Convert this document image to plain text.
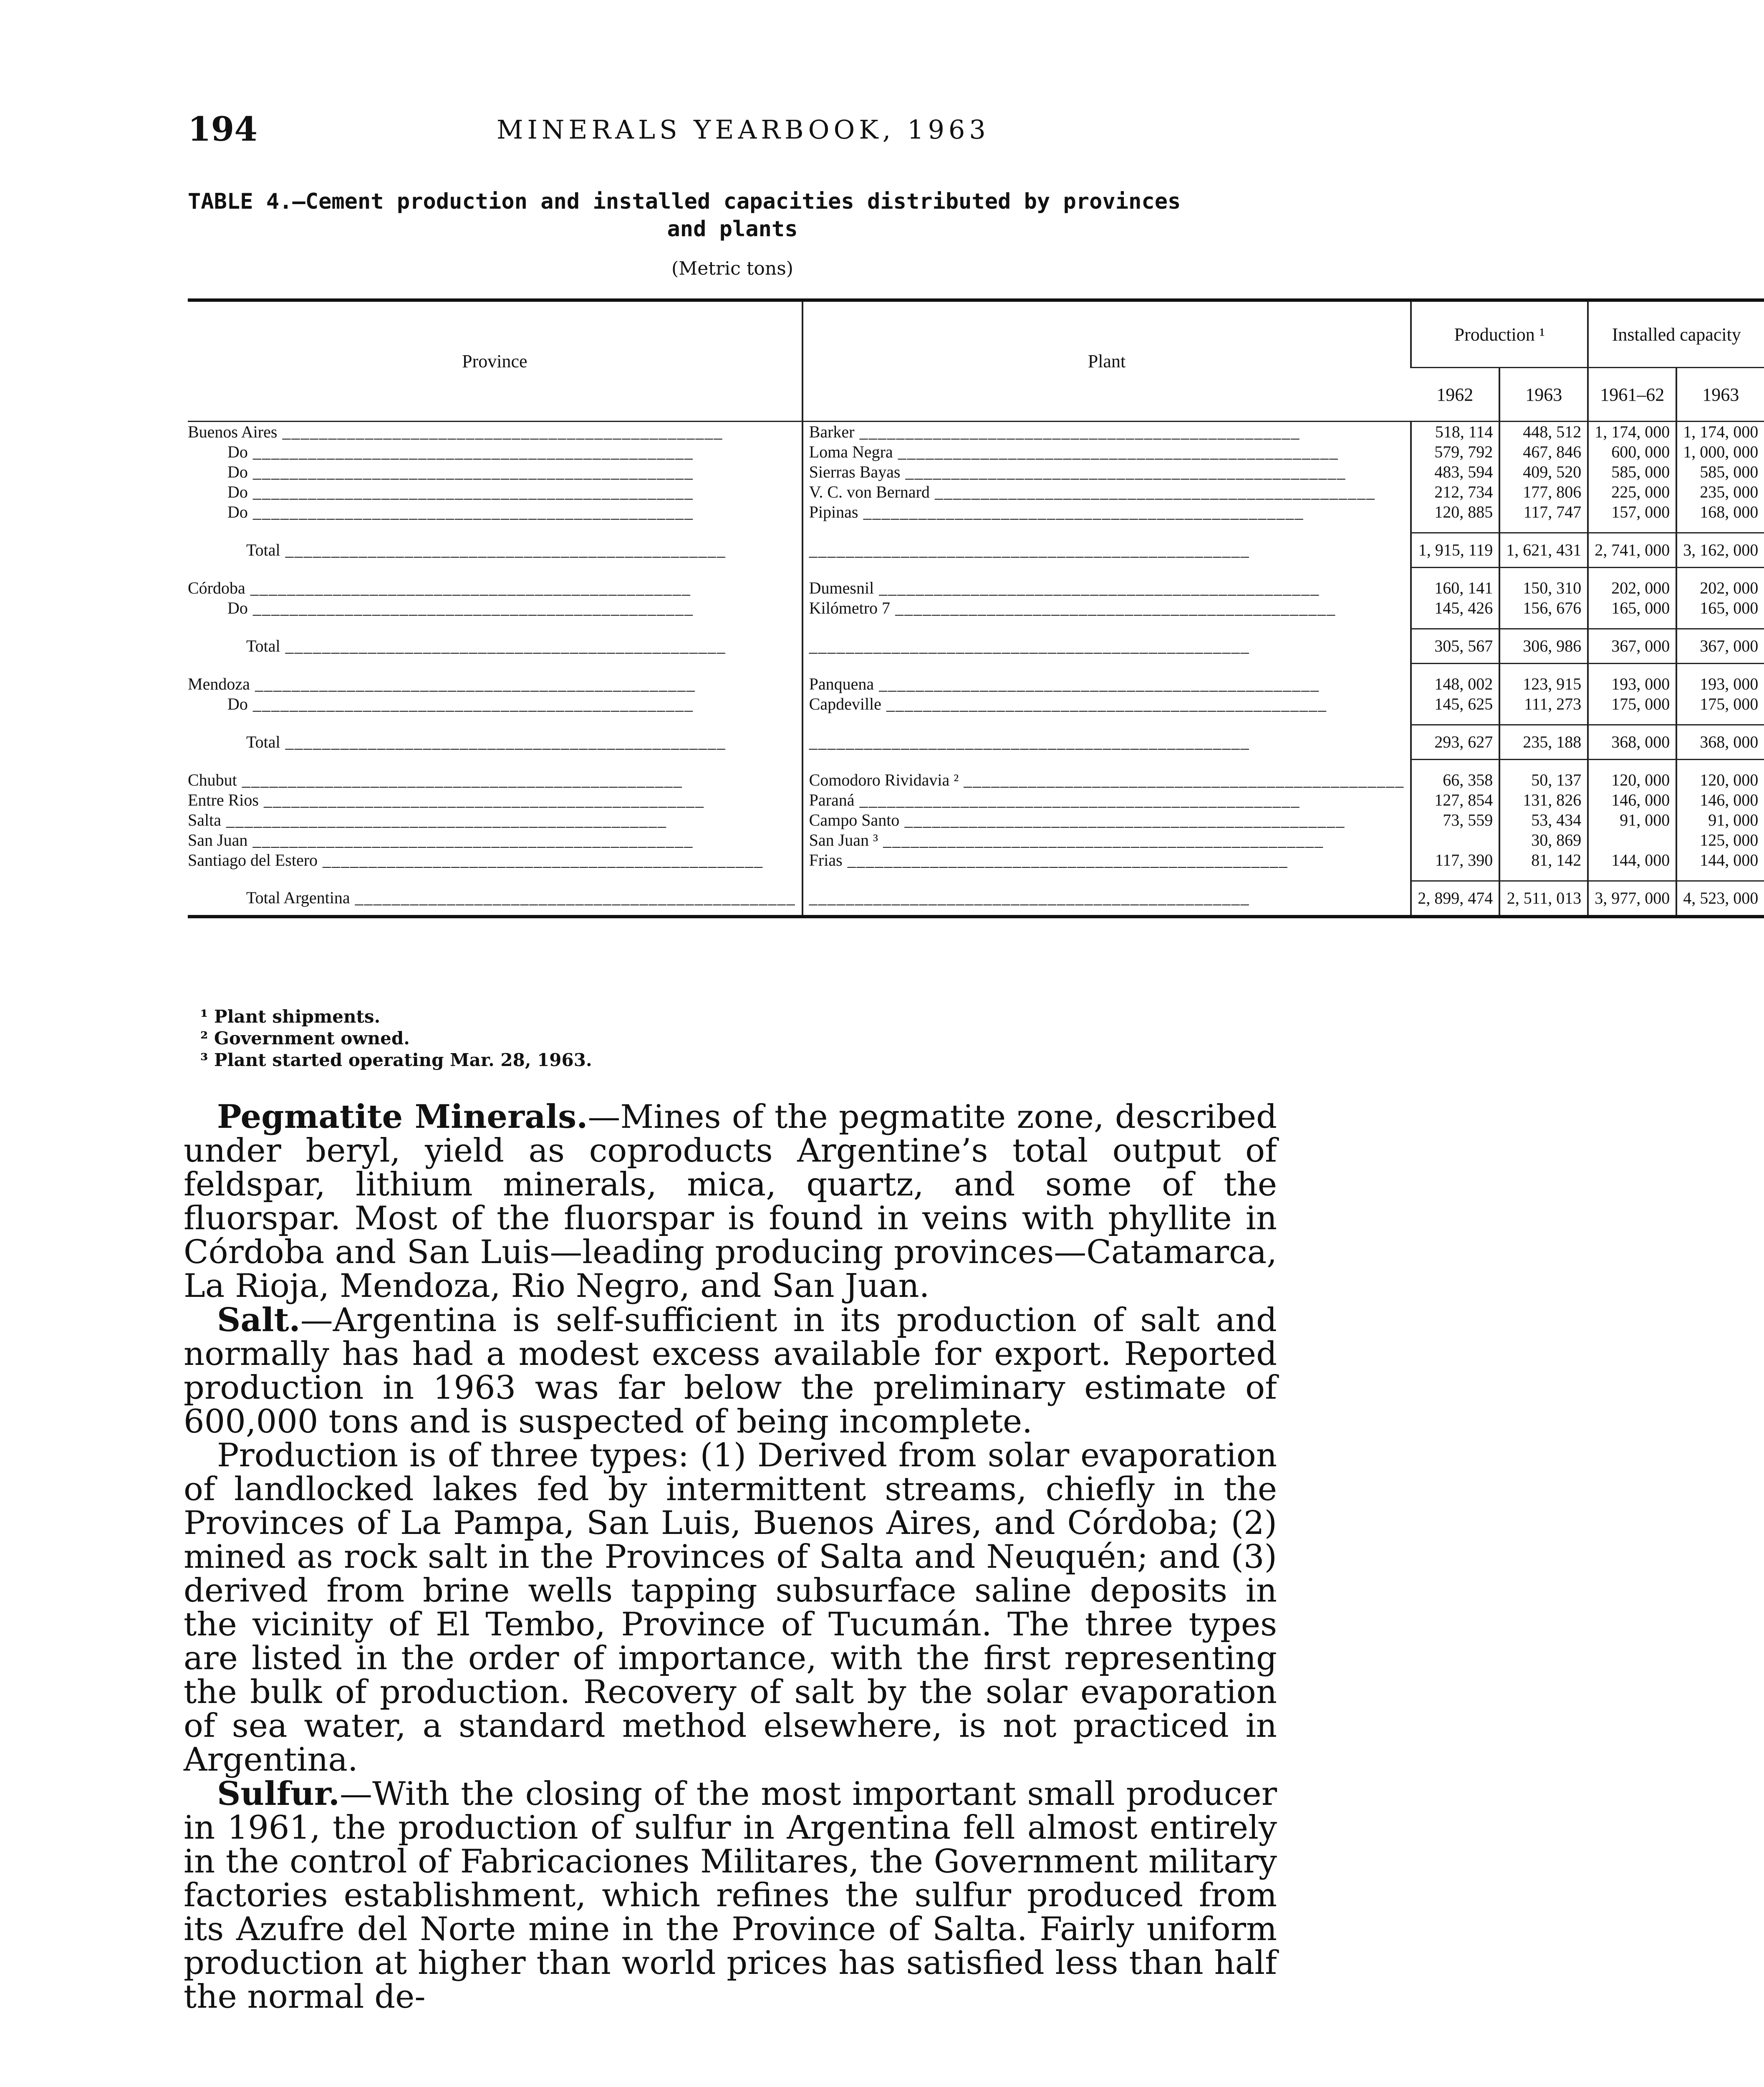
194	MINERALS YEARBOOK, 1963
TABLE 4.—Cement production and installed capacities distributed by provinces
and plants
(Metric tons)
Province	Plant	Production ¹		Installed capacity	
		1962	1963	1961–62	1963
Buenos Aires _____	Barker _____	518, 114	448, 512	1, 174, 000	1, 174, 000
Do _____	Loma Negra _____	579, 792	467, 846	600, 000	1, 000, 000
Do _____	Sierras Bayas _____	483, 594	409, 520	585, 000	585, 000
Do _____	V. C. von Bernard _____	212, 734	177, 806	225, 000	235, 000
Do _____	Pipinas _____	120, 885	117, 747	157, 000	168, 000

Total _____	_____	1, 915, 119	1, 621, 431	2, 741, 000	3, 162, 000

Córdoba _____	Dumesnil _____	160, 141	150, 310	202, 000	202, 000
Do _____	Kilómetro 7 _____	145, 426	156, 676	165, 000	165, 000

Total _____	_____	305, 567	306, 986	367, 000	367, 000

Mendoza _____	Panquena _____	148, 002	123, 915	193, 000	193, 000
Do _____	Capdeville _____	145, 625	111, 273	175, 000	175, 000

Total _____	_____	293, 627	235, 188	368, 000	368, 000

Chubut _____	Comodoro Rividavia ² _____	66, 358	50, 137	120, 000	120, 000
Entre Rios _____	Paraná _____	127, 854	131, 826	146, 000	146, 000
Salta _____	Campo Santo _____	73, 559	53, 434	91, 000	91, 000
San Juan _____	San Juan ³ _____		30, 869		125, 000
Santiago del Estero _____	Frias _____	117, 390	81, 142	144, 000	144, 000

Total Argentina _____	_____	2, 899, 474	2, 511, 013	3, 977, 000	4, 523, 000
¹ Plant shipments.
² Government owned.
³ Plant started operating Mar. 28, 1963.

Pegmatite Minerals.—Mines of the pegmatite zone, described under beryl, yield as coproducts Argentine’s total output of feldspar, lithium minerals, mica, quartz, and some of the fluorspar. Most of the fluorspar is found in veins with phyllite in Córdoba and San Luis—leading producing provinces—Catamarca, La Rioja, Mendoza, Rio Negro, and San Juan.

Salt.—Argentina is self-sufficient in its production of salt and normally has had a modest excess available for export. Reported production in 1963 was far below the preliminary estimate of 600,000 tons and is suspected of being incomplete.

Production is of three types: (1) Derived from solar evaporation of landlocked lakes fed by intermittent streams, chiefly in the Provinces of La Pampa, San Luis, Buenos Aires, and Córdoba; (2) mined as rock salt in the Provinces of Salta and Neuquén; and (3) derived from brine wells tapping subsurface saline deposits in the vicinity of El Tembo, Province of Tucumán. The three types are listed in the order of importance, with the first representing the bulk of production. Recovery of salt by the solar evaporation of sea water, a standard method elsewhere, is not practiced in Argentina.

Sulfur.—With the closing of the most important small producer in 1961, the production of sulfur in Argentina fell almost entirely in the control of Fabricaciones Militares, the Government military factories establishment, which refines the sulfur produced from its Azufre del Norte mine in the Province of Salta. Fairly uniform production at higher than world prices has satisfied less than half the normal de-
